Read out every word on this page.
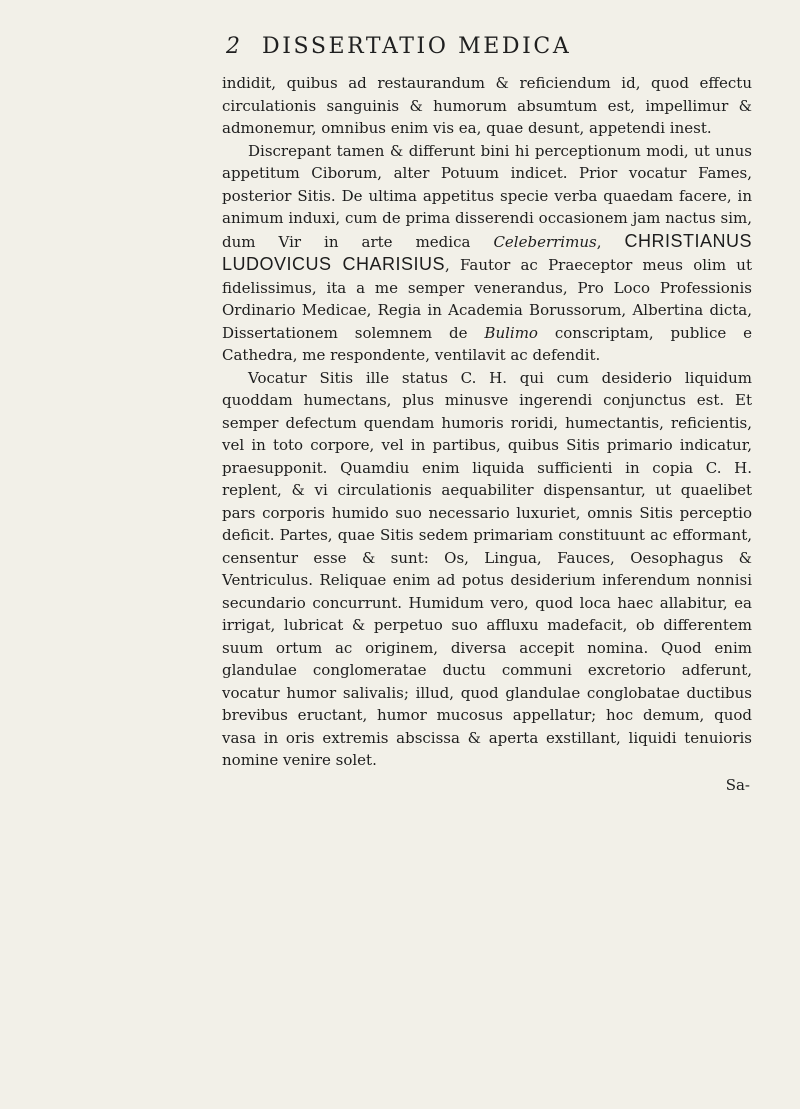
2 DISSERTATIO MEDICA

indidit, quibus ad restaurandum & reficiendum id, quod effectu circulationis sanguinis & humorum absumtum est, impellimur & admonemur, omnibus enim vis ea, quae desunt, appetendi inest.

Discrepant tamen & differunt bini hi perceptionum modi, ut unus appetitum Ciborum, alter Potuum indicet. Prior vocatur Fames, posterior Sitis. De ultima appetitus specie verba quaedam facere, in animum induxi, cum de prima disserendi occasionem jam nactus sim, dum Vir in arte medica Celeberrimus, CHRISTIANUS LUDOVICUS CHARISIUS, Fautor ac Praeceptor meus olim ut fidelissimus, ita a me semper venerandus, Pro Loco Professionis Ordinario Medicae, Regia in Academia Borussorum, Albertina dicta, Dissertationem solemnem de Bulimo conscriptam, publice e Cathedra, me respondente, ventilavit ac defendit.

Vocatur Sitis ille status C. H. qui cum desiderio liquidum quoddam humectans, plus minusve ingerendi conjunctus est. Et semper defectum quendam humoris roridi, humectantis, reficientis, vel in toto corpore, vel in partibus, quibus Sitis primario indicatur, praesupponit. Quamdiu enim liquida sufficienti in copia C. H. replent, & vi circulationis aequabiliter dispensantur, ut quaelibet pars corporis humido suo necessario luxuriet, omnis Sitis perceptio deficit. Partes, quae Sitis sedem primariam constituunt ac efformant, censentur esse & sunt: Os, Lingua, Fauces, Oesophagus & Ventriculus. Reliquae enim ad potus desiderium inferendum nonnisi secundario concurrunt. Humidum vero, quod loca haec allabitur, ea irrigat, lubricat & perpetuo suo affluxu madefacit, ob differentem suum ortum ac originem, diversa accepit nomina. Quod enim glandulae conglomeratae ductu communi excretorio adferunt, vocatur humor salivalis; illud, quod glandulae conglobatae ductibus brevibus eructant, humor mucosus appellatur; hoc demum, quod vasa in oris extremis abscissa & aperta exstillant, liquidi tenuioris nomine venire solet.

Sa-
